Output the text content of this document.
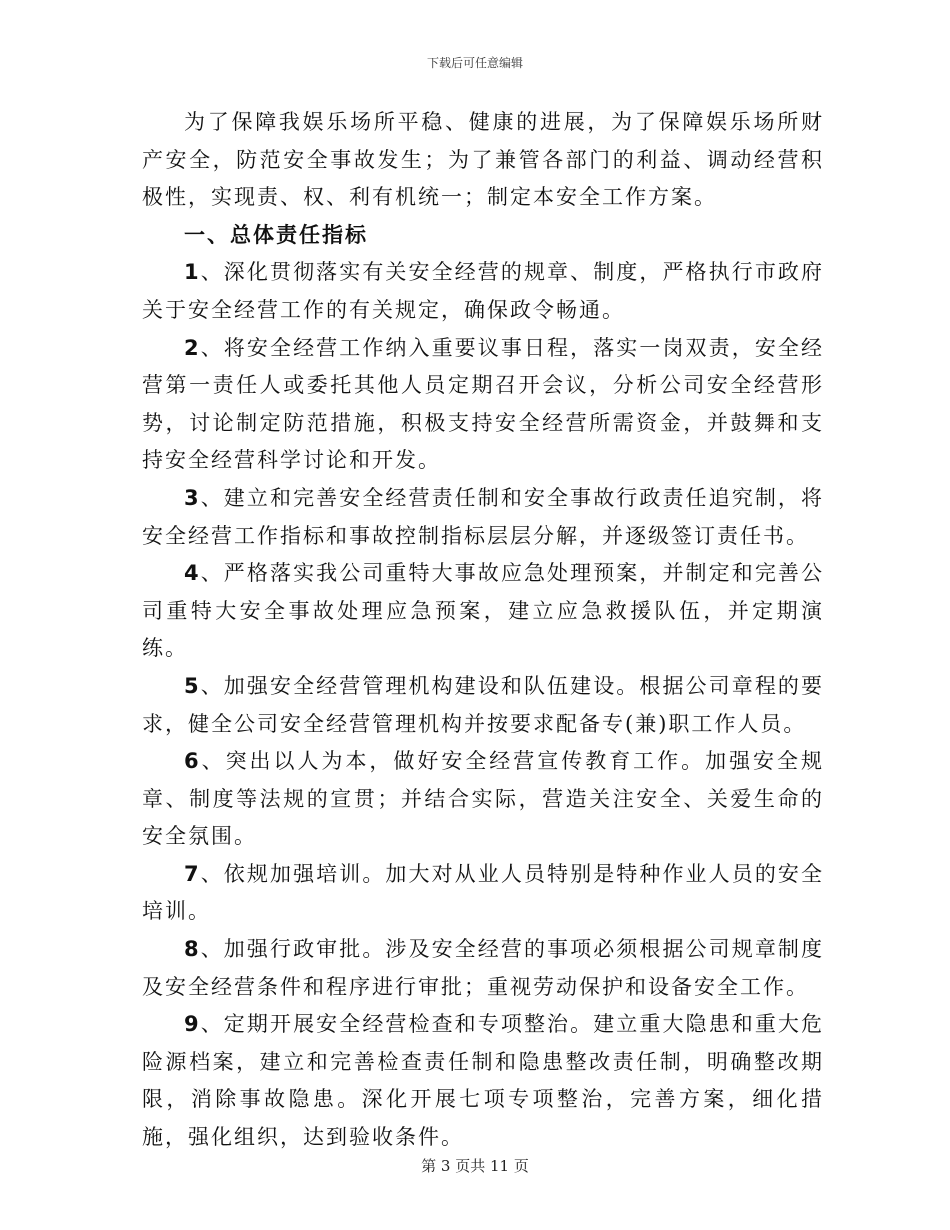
下载后可任意编辑

为了保障我娱乐场所平稳、健康的进展，为了保障娱乐场所财产安全，防范安全事故发生；为了兼管各部门的利益、调动经营积极性，实现责、权、利有机统一；制定本安全工作方案。

一、总体责任指标

1、深化贯彻落实有关安全经营的规章、制度，严格执行市政府关于安全经营工作的有关规定，确保政令畅通。

2、将安全经营工作纳入重要议事日程，落实一岗双责，安全经营第一责任人或委托其他人员定期召开会议，分析公司安全经营形势，讨论制定防范措施，积极支持安全经营所需资金，并鼓舞和支持安全经营科学讨论和开发。

3、建立和完善安全经营责任制和安全事故行政责任追究制，将安全经营工作指标和事故控制指标层层分解，并逐级签订责任书。

4、严格落实我公司重特大事故应急处理预案，并制定和完善公司重特大安全事故处理应急预案，建立应急救援队伍，并定期演练。

5、加强安全经营管理机构建设和队伍建设。根据公司章程的要求，健全公司安全经营管理机构并按要求配备专(兼)职工作人员。

6、突出以人为本，做好安全经营宣传教育工作。加强安全规章、制度等法规的宣贯；并结合实际，营造关注安全、关爱生命的安全氛围。

7、依规加强培训。加大对从业人员特别是特种作业人员的安全培训。

8、加强行政审批。涉及安全经营的事项必须根据公司规章制度及安全经营条件和程序进行审批；重视劳动保护和设备安全工作。

9、定期开展安全经营检查和专项整治。建立重大隐患和重大危险源档案，建立和完善检查责任制和隐患整改责任制，明确整改期限，消除事故隐患。深化开展七项专项整治，完善方案，细化措施，强化组织，达到验收条件。

第 3 页共 11 页
